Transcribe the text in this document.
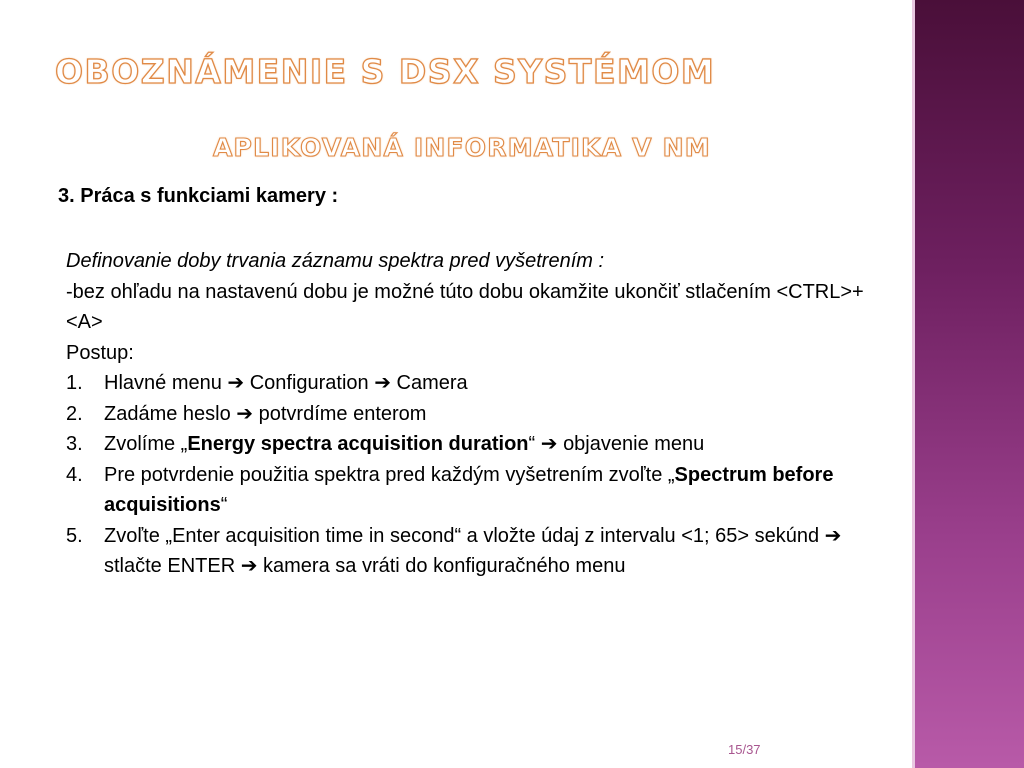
OBOZNÁMENIE S DSX SYSTÉMOM
APLIKOVANÁ INFORMATIKA V NM
3. Práca s funkciami kamery :

Definovanie doby trvania záznamu spektra pred vyšetrením :

-bez ohľadu na nastavenú dobu je možné túto dobu okamžite ukončiť stlačením <CTRL>+<A>

Postup:

1. Hlavné menu ➔ Configuration ➔ Camera
2. Zadáme heslo ➔ potvrdíme enterom
3. Zvolíme „Energy spectra acquisition duration“ ➔ objavenie menu
4. Pre potvrdenie použitia spektra pred každým vyšetrením zvoľte „Spectrum before acquisitions“
5. Zvoľte „Enter acquisition time in second“ a vložte údaj z intervalu <1; 65> sekúnd ➔ stlačte ENTER ➔ kamera sa vráti do konfiguračného menu
15/37
